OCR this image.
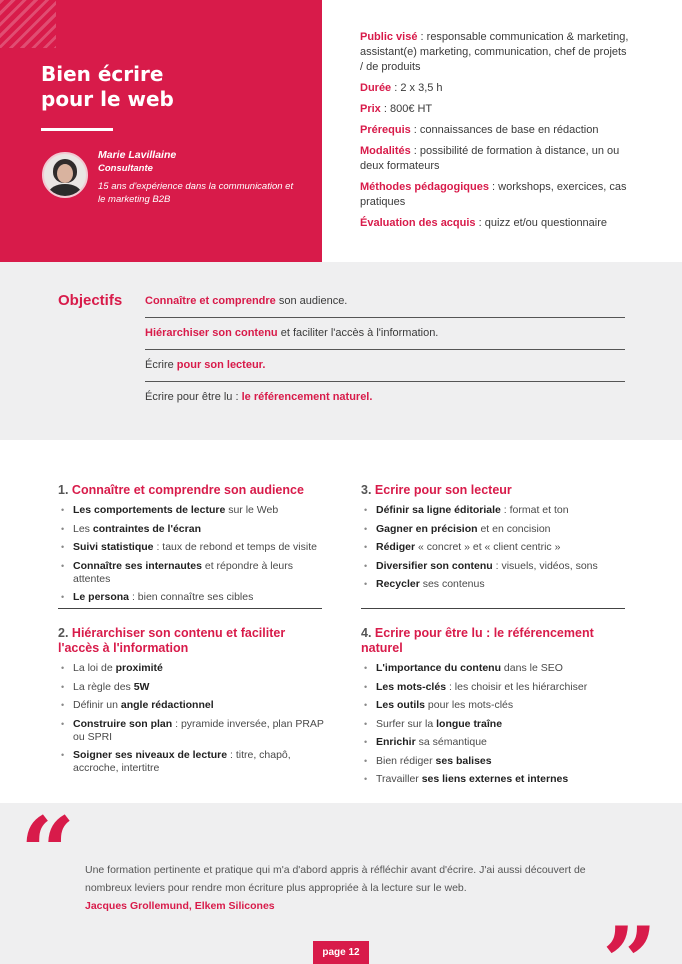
Bien écrire
pour le web
Marie Lavillaine
Consultante
15 ans d'expérience dans la communication et le marketing B2B

Public visé : responsable communication & marketing, assistant(e) marketing, communication, chef de projets / de produits

Durée : 2 x 3,5 h

Prix : 800€ HT

Prérequis : connaissances de base en rédaction

Modalités : possibilité de formation à distance, un ou deux formateurs

Méthodes pédagogiques : workshops, exercices, cas pratiques

Évaluation des acquis : quizz et/ou questionnaire

Objectifs Connaître et comprendre son audience.
Hiérarchiser son contenu et faciliter l'accès à l'information.
Écrire pour son lecteur.
Écrire pour être lu : le référencement naturel.
1. Connaître et comprendre son audience
• Les comportements de lecture sur le Web
• Les contraintes de l'écran
• Suivi statistique : taux de rebond et temps de visite
• Connaître ses internautes et répondre à leurs attentes
• Le persona : bien connaître ses cibles
2. Hiérarchiser son contenu et faciliter l'accès à l'information
• La loi de proximité
• La règle des 5W
• Définir un angle rédactionnel
• Construire son plan : pyramide inversée, plan PRAP ou SPRI
• Soigner ses niveaux de lecture : titre, chapô, accroche, intertitre
3. Ecrire pour son lecteur
• Définir sa ligne éditoriale : format et ton
• Gagner en précision et en concision
• Rédiger « concret » et « client centric »
• Diversifier son contenu : visuels, vidéos, sons
• Recycler ses contenus
4. Ecrire pour être lu : le référencement naturel
• L'importance du contenu dans le SEO
• Les mots-clés : les choisir et les hiérarchiser
• Les outils pour les mots-clés
• Surfer sur la longue traîne
• Enrichir sa sémantique
• Bien rédiger ses balises
• Travailler ses liens externes et internes
“ Une formation pertinente et pratique qui m'a d'abord appris à réfléchir avant d'écrire. J'ai aussi découvert de nombreux leviers pour rendre mon écriture plus appropriée à la lecture sur le web.
Jacques Grollemund, Elkem Silicones	”
page 12
